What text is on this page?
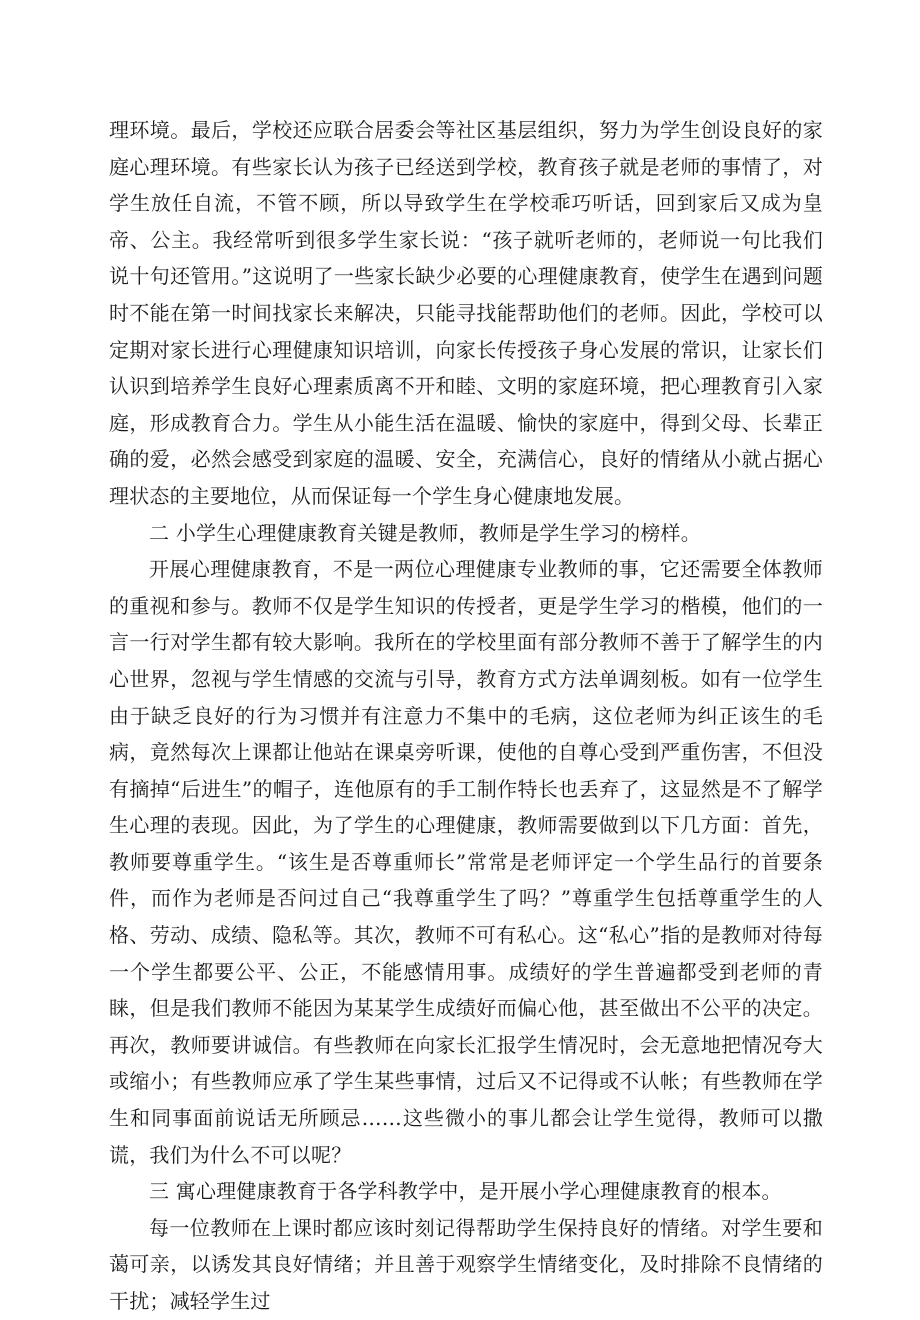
理环境。最后，学校还应联合居委会等社区基层组织，努力为学生创设良好的家庭心理环境。有些家长认为孩子已经送到学校，教育孩子就是老师的事情了，对学生放任自流，不管不顾，所以导致学生在学校乖巧听话，回到家后又成为皇帝、公主。我经常听到很多学生家长说：“孩子就听老师的，老师说一句比我们说十句还管用。”这说明了一些家长缺少必要的心理健康教育，使学生在遇到问题时不能在第一时间找家长来解决，只能寻找能帮助他们的老师。因此，学校可以定期对家长进行心理健康知识培训，向家长传授孩子身心发展的常识，让家长们认识到培养学生良好心理素质离不开和睦、文明的家庭环境，把心理教育引入家庭，形成教育合力。学生从小能生活在温暖、愉快的家庭中，得到父母、长辈正确的爱，必然会感受到家庭的温暖、安全，充满信心，良好的情绪从小就占据心理状态的主要地位，从而保证每一个学生身心健康地发展。

二 小学生心理健康教育关键是教师，教师是学生学习的榜样。

开展心理健康教育，不是一两位心理健康专业教师的事，它还需要全体教师的重视和参与。教师不仅是学生知识的传授者，更是学生学习的楷模，他们的一言一行对学生都有较大影响。我所在的学校里面有部分教师不善于了解学生的内心世界，忽视与学生情感的交流与引导，教育方式方法单调刻板。如有一位学生由于缺乏良好的行为习惯并有注意力不集中的毛病，这位老师为纠正该生的毛病，竟然每次上课都让他站在课桌旁听课，使他的自尊心受到严重伤害，不但没有摘掉“后进生”的帽子，连他原有的手工制作特长也丢弃了，这显然是不了解学生心理的表现。因此，为了学生的心理健康，教师需要做到以下几方面：首先，教师要尊重学生。“该生是否尊重师长”常常是老师评定一个学生品行的首要条件，而作为老师是否问过自己“我尊重学生了吗？”尊重学生包括尊重学生的人格、劳动、成绩、隐私等。其次，教师不可有私心。这“私心”指的是教师对待每一个学生都要公平、公正，不能感情用事。成绩好的学生普遍都受到老师的青睐，但是我们教师不能因为某某学生成绩好而偏心他，甚至做出不公平的决定。再次，教师要讲诚信。有些教师在向家长汇报学生情况时，会无意地把情况夸大或缩小；有些教师应承了学生某些事情，过后又不记得或不认帐；有些教师在学生和同事面前说话无所顾忌……这些微小的事儿都会让学生觉得，教师可以撒谎，我们为什么不可以呢？

三 寓心理健康教育于各学科教学中，是开展小学心理健康教育的根本。

每一位教师在上课时都应该时刻记得帮助学生保持良好的情绪。对学生要和蔼可亲，以诱发其良好情绪；并且善于观察学生情绪变化，及时排除不良情绪的干扰；减轻学生过
